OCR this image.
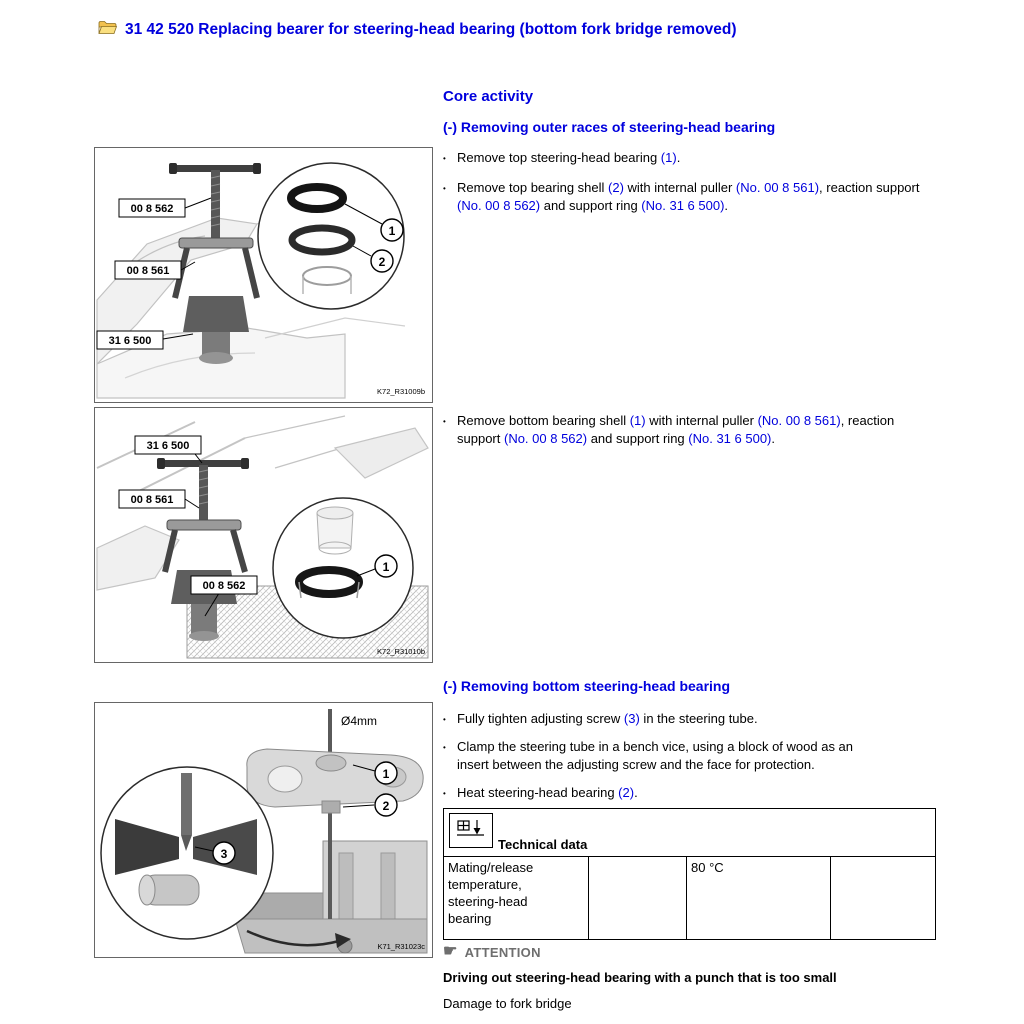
31 42 520 Replacing bearer for steering-head bearing (bottom fork bridge removed)
Core activity
(-) Removing outer races of steering-head bearing
• Remove top steering-head bearing (1).
• Remove top bearing shell (2) with internal puller (No. 00 8 561), reaction support (No. 00 8 562) and support ring (No. 31 6 500).
• Remove bottom bearing shell (1) with internal puller (No. 00 8 561), reaction support (No. 00 8 562) and support ring (No. 31 6 500).
(-) Removing bottom steering-head bearing
• Fully tighten adjusting screw (3) in the steering tube.
• Clamp the steering tube in a bench vice, using a block of wood as an insert between the adjusting screw and the face for protection.
• Heat steering-head bearing (2).
Technical data
Mating/release temperature, steering-head bearing
80 °C
☛ ATTENTION
Driving out steering-head bearing with a punch that is too small
Damage to fork bridge
00 8 562
00 8 561
31 6 500
1
2
K72_R31009b
31 6 500
00 8 561
00 8 562
1
K72_R31010b
Ø4mm
1
2
3
K71_R31023c
